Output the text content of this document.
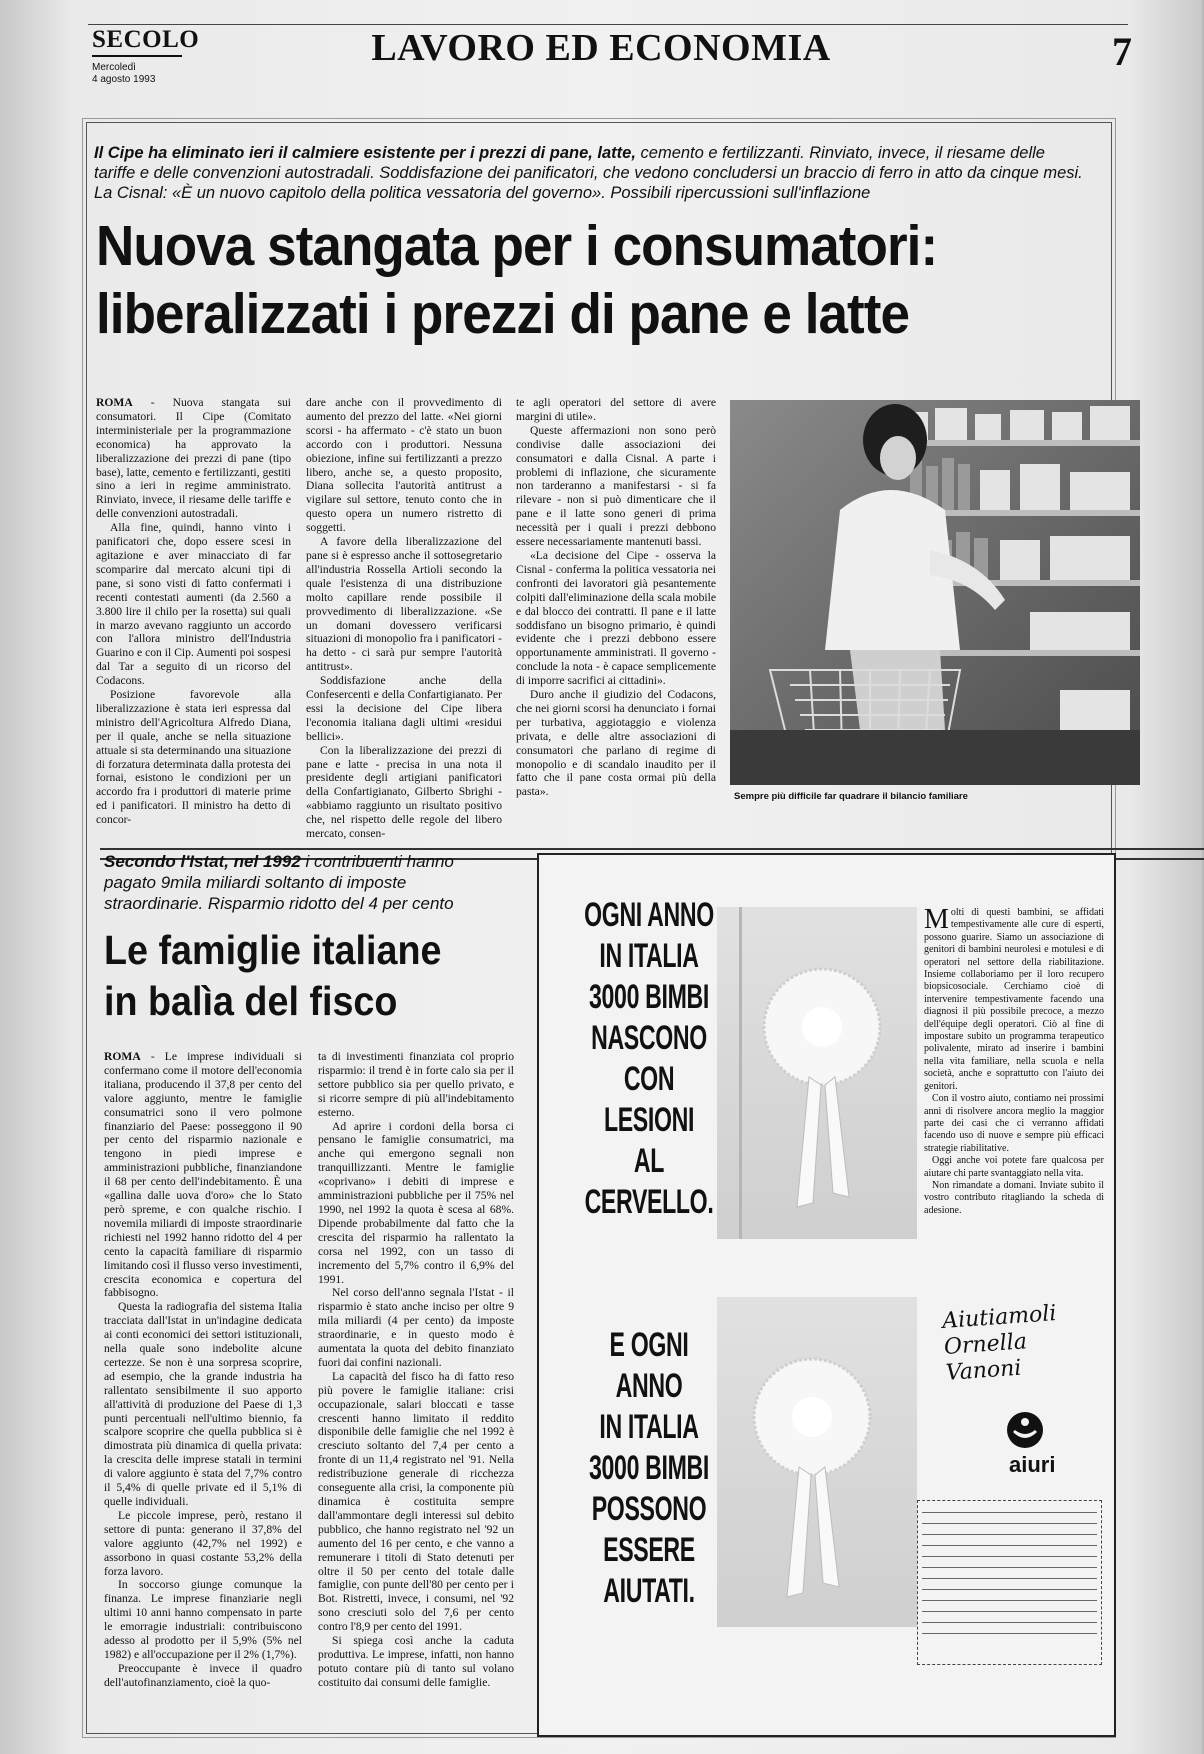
SECOLO
Mercoledì
4 agosto 1993
LAVORO ED ECONOMIA	7
Il Cipe ha eliminato ieri il calmiere esistente per i prezzi di pane, latte, cemento e fertilizzanti. Rinviato, invece, il riesame delle tariffe e delle convenzioni autostradali. Soddisfazione dei panificatori, che vedono concludersi un braccio di ferro in atto da cinque mesi. La Cisnal: «È un nuovo capitolo della politica vessatoria del governo». Possibili ripercussioni sull'inflazione
Nuova stangata per i consumatori:
liberalizzati i prezzi di pane e latte

ROMA - Nuova stangata sui consumatori. Il Cipe (Comitato interministeriale per la programmazione economica) ha approvato la liberalizzazione dei prezzi di pane (tipo base), latte, cemento e fertilizzanti, gestiti sino a ieri in regime amministrato. Rinviato, invece, il riesame delle tariffe e delle convenzioni autostradali.

Alla fine, quindi, hanno vinto i panificatori che, dopo essere scesi in agitazione e aver minacciato di far scomparire dal mercato alcuni tipi di pane, si sono visti di fatto confermati i recenti contestati aumenti (da 2.560 a 3.800 lire il chilo per la rosetta) sui quali in marzo avevano raggiunto un accordo con l'allora ministro dell'Industria Guarino e con il Cip. Aumenti poi sospesi dal Tar a seguito di un ricorso del Codacons.

Posizione favorevole alla liberalizzazione è stata ieri espressa dal ministro dell'Agricoltura Alfredo Diana, per il quale, anche se nella situazione attuale si sta determinando una situazione di forzatura determinata dalla protesta dei fornai, esistono le condizioni per un accordo fra i produttori di materie prime ed i panificatori. Il ministro ha detto di concor-

dare anche con il provvedimento di aumento del prezzo del latte. «Nei giorni scorsi - ha affermato - c'è stato un buon accordo con i produttori. Nessuna obiezione, infine sui fertilizzanti a prezzo libero, anche se, a questo proposito, Diana sollecita l'autorità antitrust a vigilare sul settore, tenuto conto che in questo opera un numero ristretto di soggetti.

A favore della liberalizzazione del pane si è espresso anche il sottosegretario all'industria Rossella Artioli secondo la quale l'esistenza di una distribuzione molto capillare rende possibile il provvedimento di liberalizzazione. «Se un domani dovessero verificarsi situazioni di monopolio fra i panificatori - ha detto - ci sarà pur sempre l'autorità antitrust».

Soddisfazione anche della Confesercenti e della Confartigianato. Per essi la decisione del Cipe libera l'economia italiana dagli ultimi «residui bellici».

Con la liberalizzazione dei prezzi di pane e latte - precisa in una nota il presidente degli artigiani panificatori della Confartigianato, Gilberto Sbrighi - «abbiamo raggiunto un risultato positivo che, nel rispetto delle regole del libero mercato, consen-

te agli operatori del settore di avere margini di utile».

Queste affermazioni non sono però condivise dalle associazioni dei consumatori e dalla Cisnal. A parte i problemi di inflazione, che sicuramente non tarderanno a manifestarsi - si fa rilevare - non si può dimenticare che il pane e il latte sono generi di prima necessità per i quali i prezzi debbono essere necessariamente mantenuti bassi.

«La decisione del Cipe - osserva la Cisnal - conferma la politica vessatoria nei confronti dei lavoratori già pesantemente colpiti dall'eliminazione della scala mobile e dal blocco dei contratti. Il pane e il latte soddisfano un bisogno primario, è quindi evidente che i prezzi debbono essere opportunamente amministrati. Il governo - conclude la nota - è capace semplicemente di imporre sacrifici ai cittadini».

Duro anche il giudizio del Codacons, che nei giorni scorsi ha denunciato i fornai per turbativa, aggiotaggio e violenza privata, e delle altre associazioni di consumatori che parlano di regime di monopolio e di scandalo inaudito per il fatto che il pane costa ormai più della pasta».	Sempre più difficile far quadrare il bilancio familiare
Secondo l'Istat, nel 1992 i contribuenti hanno pagato 9mila miliardi soltanto di imposte straordinarie. Risparmio ridotto del 4 per cento
Le famiglie italiane
in balìa del fisco

ROMA - Le imprese individuali si confermano come il motore dell'economia italiana, producendo il 37,8 per cento del valore aggiunto, mentre le famiglie consumatrici sono il vero polmone finanziario del Paese: posseggono il 90 per cento del risparmio nazionale e tengono in piedi imprese e amministrazioni pubbliche, finanziandone il 68 per cento dell'indebitamento. È una «gallina dalle uova d'oro» che lo Stato però spreme, e con qualche rischio. I novemila miliardi di imposte straordinarie richiesti nel 1992 hanno ridotto del 4 per cento la capacità familiare di risparmio limitando così il flusso verso investimenti, crescita economica e copertura del fabbisogno.

Questa la radiografia del sistema Italia tracciata dall'Istat in un'indagine dedicata ai conti economici dei settori istituzionali, nella quale sono indebolite alcune certezze. Se non è una sorpresa scoprire, ad esempio, che la grande industria ha rallentato sensibilmente il suo apporto all'attività di produzione del Paese di 1,3 punti percentuali nell'ultimo biennio, fa scalpore scoprire che quella pubblica si è dimostrata più dinamica di quella privata: la crescita delle imprese statali in termini di valore aggiunto è stata del 7,7% contro il 5,4% di quelle private ed il 5,1% di quelle individuali.

Le piccole imprese, però, restano il settore di punta: generano il 37,8% del valore aggiunto (42,7% nel 1992) e assorbono in quasi costante 53,2% della forza lavoro.

In soccorso giunge comunque la finanza. Le imprese finanziarie negli ultimi 10 anni hanno compensato in parte le emorragie industriali: contribuiscono adesso al prodotto per il 5,9% (5% nel 1982) e all'occupazione per il 2% (1,7%).

Preoccupante è invece il quadro dell'autofinanziamento, cioè la quo-

ta di investimenti finanziata col proprio risparmio: il trend è in forte calo sia per il settore pubblico sia per quello privato, e si ricorre sempre di più all'indebitamento esterno.

Ad aprire i cordoni della borsa ci pensano le famiglie consumatrici, ma anche qui emergono segnali non tranquillizzanti. Mentre le famiglie «coprivano» i debiti di imprese e amministrazioni pubbliche per il 75% nel 1990, nel 1992 la quota è scesa al 68%. Dipende probabilmente dal fatto che la crescita del risparmio ha rallentato la corsa nel 1992, con un tasso di incremento del 5,7% contro il 6,9% del 1991.

Nel corso dell'anno segnala l'Istat - il risparmio è stato anche inciso per oltre 9 mila miliardi (4 per cento) da imposte straordinarie, e in questo modo è aumentata la quota del debito finanziato fuori dai confini nazionali.

La capacità del fisco ha di fatto reso più povere le famiglie italiane: crisi occupazionale, salari bloccati e tasse crescenti hanno limitato il reddito disponibile delle famiglie che nel 1992 è cresciuto soltanto del 7,4 per cento a fronte di un 11,4 registrato nel '91. Nella redistribuzione generale di ricchezza conseguente alla crisi, la componente più dinamica è costituita sempre dall'ammontare degli interessi sul debito pubblico, che hanno registrato nel '92 un aumento del 16 per cento, e che vanno a remunerare i titoli di Stato detenuti per oltre il 50 per cento del totale dalle famiglie, con punte dell'80 per cento per i Bot. Ristretti, invece, i consumi, nel '92 sono cresciuti solo del 7,6 per cento contro l'8,9 per cento del 1991.

Si spiega così anche la caduta produttiva. Le imprese, infatti, non hanno potuto contare più di tanto sul volano costituito dai consumi delle famiglie.

OGNI ANNO
IN ITALIA
3000 BIMBI
NASCONO
CON LESIONI
AL CERVELLO.
E OGNI ANNO
IN ITALIA
3000 BIMBI
POSSONO
ESSERE
AIUTATI.

Molti di questi bambini, se affidati tempestivamente alle cure di esperti, possono guarire. Siamo un associazione di genitori di bambini neurolesi e motulesi e di operatori nel settore della riabilitazione. Insieme collaboriamo per il loro recupero biopsicosociale. Cerchiamo cioè di intervenire tempestivamente facendo una diagnosi il più possibile precoce, a mezzo dell'équipe degli operatori. Ciò al fine di impostare subito un programma terapeutico polivalente, mirato ad inserire i bambini nella vita familiare, nella scuola e nella società, anche e soprattutto con l'aiuto dei genitori.

Con il vostro aiuto, contiamo nei prossimi anni di risolvere ancora meglio la maggior parte dei casi che ci verranno affidati facendo uso di nuove e sempre più efficaci strategie riabilitative.

Oggi anche voi potete fare qualcosa per aiutare chi parte svantaggiato nella vita.

Non rimandate a domani. Inviate subito il vostro contributo ritagliando la scheda di adesione.

Aiutiamoli
Ornella
Vanoni
aiuri
